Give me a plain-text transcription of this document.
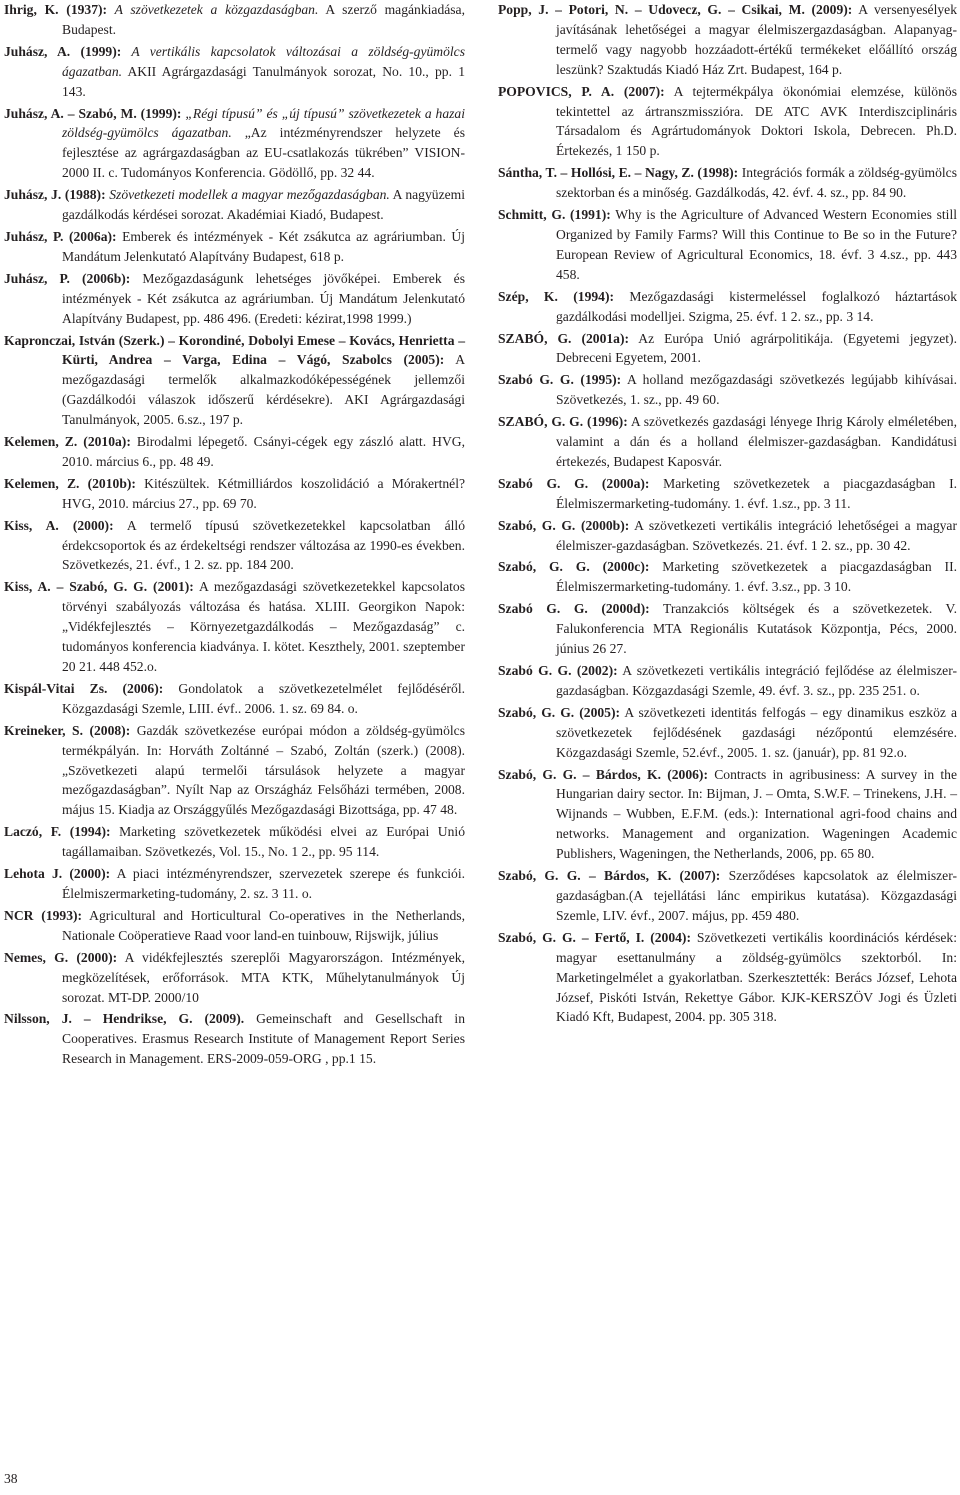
Ihrig, K. (1937): A szövetkezetek a közgazdaságban. A szerző magánkiadása, Budapest.

Juhász, A. (1999): A vertikális kapcsolatok változásai a zöldség-gyümölcs ágazatban. AKII Agrárgazdasági Tanulmányok sorozat, No. 10., pp. 1 143.

Juhász, A. – Szabó, M. (1999): „Régi típusú” és „új típusú” szövetkezetek a hazai zöldség-gyümölcs ágazatban. „Az intézményrendszer helyzete és fejlesztése az agrárgazdaságban az EU-csatlakozás tükrében” VISION-2000 II. c. Tudományos Konferencia. Gödöllő, pp. 32 44.

Juhász, J. (1988): Szövetkezeti modellek a magyar mezőgazdaságban. A nagyüzemi gazdálkodás kérdései sorozat. Akadémiai Kiadó, Budapest.

Juhász, P. (2006a): Emberek és intézmények - Két zsákutca az agráriumban. Új Mandátum Jelenkutató Alapítvány Budapest, 618 p.

Juhász, P. (2006b): Mezőgazdaságunk lehetséges jövőképei. Emberek és intézmények - Két zsákutca az agráriumban. Új Mandátum Jelenkutató Alapítvány Budapest, pp. 486 496. (Eredeti: kézirat,1998 1999.)

Kapronczai, István (Szerk.) – Korondiné, Dobolyi Emese – Kovács, Henrietta – Kürti, Andrea – Varga, Edina – Vágó, Szabolcs (2005): A mezőgazdasági termelők alkalmazkodóképességének jellemzői (Gazdálkodói válaszok időszerű kérdésekre). AKI Agrárgazdasági Tanulmányok, 2005. 6.sz., 197 p.

Kelemen, Z. (2010a): Birodalmi lépegető. Csányi-cégek egy zászló alatt. HVG, 2010. március 6., pp. 48 49.

Kelemen, Z. (2010b): Kitészültek. Kétmilliárdos koszolidáció a Mórakertnél? HVG, 2010. március 27., pp. 69 70.

Kiss, A. (2000): A termelő típusú szövetkezetekkel kapcsolatban álló érdekcsoportok és az érdekeltségi rendszer változása az 1990-es években. Szövetkezés, 21. évf., 1 2. sz. pp. 184 200.

Kiss, A. – Szabó, G. G. (2001): A mezőgazdasági szövetkezetekkel kapcsolatos törvényi szabályozás változása és hatása. XLIII. Georgikon Napok: „Vidékfejlesztés – Környezetgazdálkodás – Mezőgazdaság” c. tudományos konferencia kiadványa. I. kötet. Keszthely, 2001. szeptember 20 21. 448 452.o.

Kispál-Vitai Zs. (2006): Gondolatok a szövetkezetelmélet fejlődéséről. Közgazdasági Szemle, LIII. évf.. 2006. 1. sz. 69 84. o.

Kreineker, S. (2008): Gazdák szövetkezése európai módon a zöldség-gyümölcs termékpályán. In: Horváth Zoltánné – Szabó, Zoltán (szerk.) (2008). „Szövetkezeti alapú termelői társulások helyzete a magyar mezőgazdaságban”. Nyílt Nap az Országház Felsőházi termében, 2008. május 15. Kiadja az Országgyűlés Mezőgazdasági Bizottsága, pp. 47 48.

Laczó, F. (1994): Marketing szövetkezetek működési elvei az Európai Unió tagállamaiban. Szövetkezés, Vol. 15., No. 1 2., pp. 95 114.

Lehota J. (2000): A piaci intézményrendszer, szervezetek szerepe és funkciói. Élelmiszermarketing-tudomány, 2. sz. 3 11. o.

NCR (1993): Agricultural and Horticultural Co-operatives in the Netherlands, Nationale Coöperatieve Raad voor land-en tuinbouw, Rijswijk, július

Nemes, G. (2000): A vidékfejlesztés szereplői Magyarországon. Intézmények, megközelítések, erőforrások. MTA KTK, Műhelytanulmányok Új sorozat. MT-DP. 2000/10

Nilsson, J. – Hendrikse, G. (2009). Gemeinschaft and Gesellschaft in Cooperatives. Erasmus Research Institute of Management Report Series Research in Management. ERS-2009-059-ORG , pp.1 15.

Popp, J. – Potori, N. – Udovecz, G. – Csikai, M. (2009): A versenyesélyek javításának lehetőségei a magyar élelmiszergazdaságban. Alapanyag-termelő vagy nagyobb hozzáadott-értékű termékeket előállító ország leszünk? Szaktudás Kiadó Ház Zrt. Budapest, 164 p.

POPOVICS, P. A. (2007): A tejtermékpálya ökonómiai elemzése, különös tekintettel az ártranszmisszióra. DE ATC AVK Interdiszciplináris Társadalom és Agrártudományok Doktori Iskola, Debrecen. Ph.D. Értekezés, 1 150 p.

Sántha, T. – Hollósi, E. – Nagy, Z. (1998): Integrációs formák a zöldség-gyümölcs szektorban és a minőség. Gazdálkodás, 42. évf. 4. sz., pp. 84 90.

Schmitt, G. (1991): Why is the Agriculture of Advanced Western Economies still Organized by Family Farms? Will this Continue to Be so in the Future? European Review of Agricultural Economics, 18. évf. 3 4.sz., pp. 443 458.

Szép, K. (1994): Mezőgazdasági kistermeléssel foglalkozó háztartások gazdálkodási modelljei. Szigma, 25. évf. 1 2. sz., pp. 3 14.

SZABÓ, G. (2001a): Az Európa Unió agrárpolitikája. (Egyetemi jegyzet). Debreceni Egyetem, 2001.

Szabó G. G. (1995): A holland mezőgazdasági szövetkezés legújabb kihívásai. Szövetkezés, 1. sz., pp. 49 60.

SZABÓ, G. G. (1996): A szövetkezés gazdasági lényege Ihrig Károly elméletében, valamint a dán és a holland élelmiszer-gazdaságban. Kandidátusi értekezés, Budapest Kaposvár.

Szabó G. G. (2000a): Marketing szövetkezetek a piacgazdaságban I. Élelmiszermarketing-tudomány. 1. évf. 1.sz., pp. 3 11.

Szabó, G. G. (2000b): A szövetkezeti vertikális integráció lehetőségei a magyar élelmiszer-gazdaságban. Szövetkezés. 21. évf. 1 2. sz., pp. 30 42.

Szabó, G. G. (2000c): Marketing szövetkezetek a piacgazdaságban II. Élelmiszermarketing-tudomány. 1. évf. 3.sz., pp. 3 10.

Szabó G. G. (2000d): Tranzakciós költségek és a szövetkezetek. V. Falukonferencia MTA Regionális Kutatások Központja, Pécs, 2000. június 26 27.

Szabó G. G. (2002): A szövetkezeti vertikális integráció fejlődése az élelmiszer-gazdaságban. Közgazdasági Szemle, 49. évf. 3. sz., pp. 235 251. o.

Szabó, G. G. (2005): A szövetkezeti identitás felfogás – egy dinamikus eszköz a szövetkezetek fejlődésének gazdasági nézőpontú elemzésére. Közgazdasági Szemle, 52.évf., 2005. 1. sz. (január), pp. 81 92.o.

Szabó, G. G. – Bárdos, K. (2006): Contracts in agribusiness: A survey in the Hungarian dairy sector. In: Bijman, J. – Omta, S.W.F. – Trinekens, J.H. – Wijnands – Wubben, E.F.M. (eds.): International agri-food chains and networks. Management and organization. Wageningen Academic Publishers, Wageningen, the Netherlands, 2006, pp. 65 80.

Szabó, G. G. – Bárdos, K. (2007): Szerződéses kapcsolatok az élelmiszer-gazdaságban.(A tejellátási lánc empirikus kutatása). Közgazdasági Szemle, LIV. évf., 2007. május, pp. 459 480.

Szabó, G. G. – Fertő, I. (2004): Szövetkezeti vertikális koordinációs kérdések: magyar esettanulmány a zöldség-gyümölcs szektorból. In: Marketingelmélet a gyakorlatban. Szerkesztették: Berács József, Lehota József, Piskóti István, Rekettye Gábor. KJK-KERSZÖV Jogi és Üzleti Kiadó Kft, Budapest, 2004. pp. 305 318.

38
